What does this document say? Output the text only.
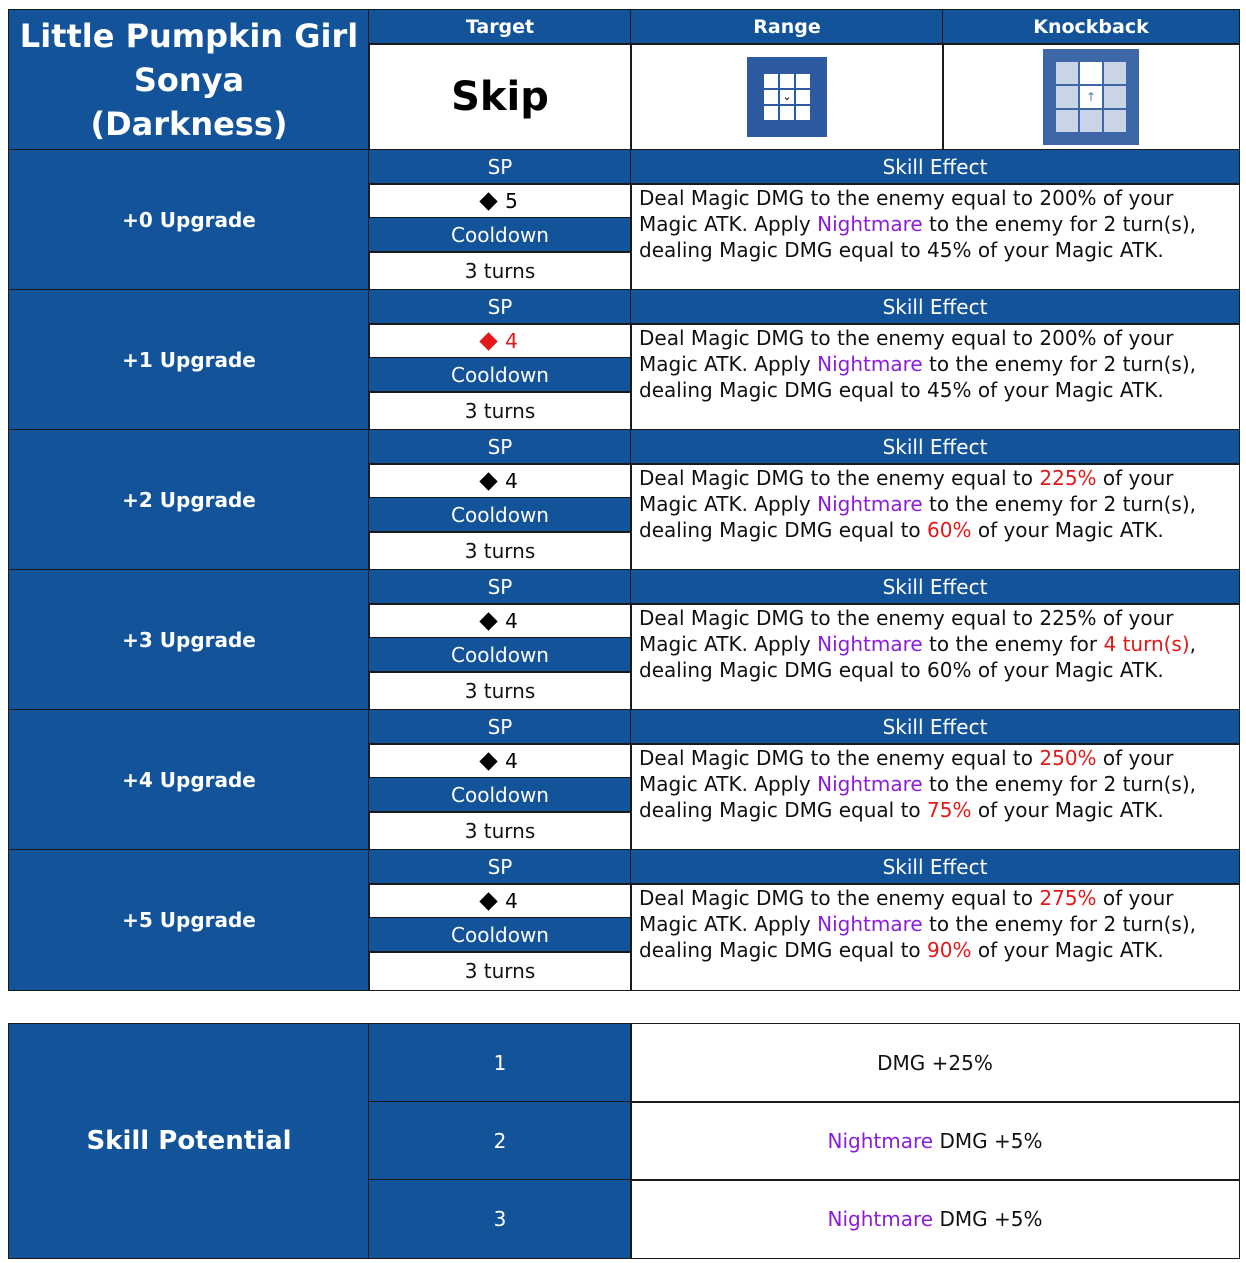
Little Pumpkin Girl
Sonya
(Darkness)
Target	Range	Knockback
Skip	⌄	↑
+0 Upgrade
SP
5
Cooldown
3 turns
Skill Effect
Deal Magic DMG to the enemy equal to 200% of your Magic ATK. Apply Nightmare to the enemy for 2 turn(s), dealing Magic DMG equal to 45% of your Magic ATK.
+1 Upgrade
SP
4
Cooldown
3 turns
Skill Effect
Deal Magic DMG to the enemy equal to 200% of your Magic ATK. Apply Nightmare to the enemy for 2 turn(s), dealing Magic DMG equal to 45% of your Magic ATK.
+2 Upgrade
SP
4
Cooldown
3 turns
Skill Effect
Deal Magic DMG to the enemy equal to 225% of your Magic ATK. Apply Nightmare to the enemy for 2 turn(s), dealing Magic DMG equal to 60% of your Magic ATK.
+3 Upgrade
SP
4
Cooldown
3 turns
Skill Effect
Deal Magic DMG to the enemy equal to 225% of your Magic ATK. Apply Nightmare to the enemy for 4 turn(s), dealing Magic DMG equal to 60% of your Magic ATK.
+4 Upgrade
SP
4
Cooldown
3 turns
Skill Effect
Deal Magic DMG to the enemy equal to 250% of your Magic ATK. Apply Nightmare to the enemy for 2 turn(s), dealing Magic DMG equal to 75% of your Magic ATK.
+5 Upgrade
SP
4
Cooldown
3 turns
Skill Effect
Deal Magic DMG to the enemy equal to 275% of your Magic ATK. Apply Nightmare to the enemy for 2 turn(s), dealing Magic DMG equal to 90% of your Magic ATK.
Skill Potential
1	DMG +25%
2	Nightmare DMG +5%
3	Nightmare DMG +5%
